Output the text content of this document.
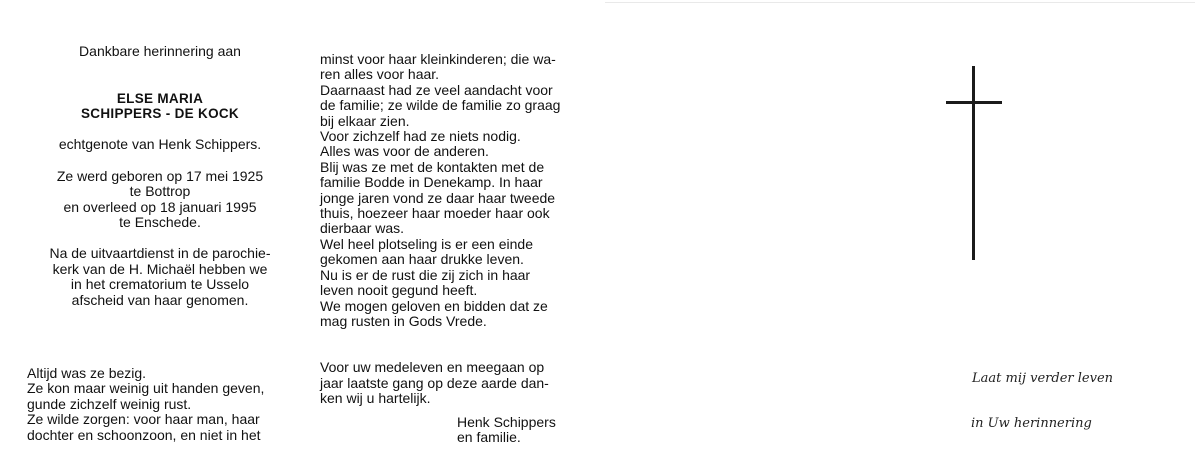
Dankbare herinnering aan
ELSE MARIA
SCHIPPERS - DE KOCK
echtgenote van Henk Schippers.
Ze werd geboren op 17 mei 1925
te Bottrop
en overleed op 18 januari 1995
te Enschede.
Na de uitvaartdienst in de parochie-
kerk van de H. Michaël hebben we
in het crematorium te Usselo
afscheid van haar genomen.
Altijd was ze bezig.
Ze kon maar weinig uit handen geven,
gunde zichzelf weinig rust.
Ze wilde zorgen: voor haar man, haar
dochter en schoonzoon, en niet in het
minst voor haar kleinkinderen; die wa-
ren alles voor haar.
Daarnaast had ze veel aandacht voor
de familie; ze wilde de familie zo graag
bij elkaar zien.
Voor zichzelf had ze niets nodig.
Alles was voor de anderen.
Blij was ze met de kontakten met de
familie Bodde in Denekamp. In haar
jonge jaren vond ze daar haar tweede
thuis, hoezeer haar moeder haar ook
dierbaar was.
Wel heel plotseling is er een einde
gekomen aan haar drukke leven.
Nu is er de rust die zij zich in haar
leven nooit gegund heeft.
We mogen geloven en bidden dat ze
mag rusten in Gods Vrede.
Voor uw medeleven en meegaan op
jaar laatste gang op deze aarde dan-
ken wij u hartelijk.
Henk Schippers
en familie.
Laat mij verder leven
in Uw herinnering
